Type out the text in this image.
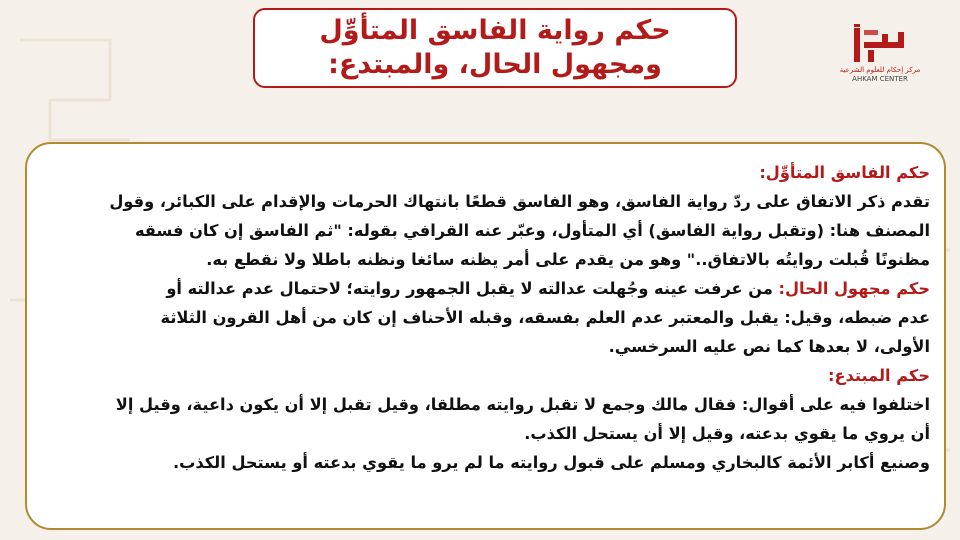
حكم رواية الفاسق المتأوِّل
ومجهول الحال، والمبتدع:	مركز إحكام للعلوم الشرعية
AHKAM CENTER

حكم الفاسق المتأوِّل:

تقدم ذكر الاتفاق على ردّ رواية الفاسق، وهو الفاسق قطعًا بانتهاك الحرمات والإقدام على الكبائر، وقول

المصنف هنا: (وتقبل رواية الفاسق) أي المتأول، وعبّر عنه القرافي بقوله: "ثم الفاسق إن كان فسقه

مظنونًا قُبلت روايتُه بالاتفاق.." وهو من يقدم على أمر يظنه سائغا ونظنه باطلا ولا نقطع به.

حكم مجهول الحال: من عرفت عينه وجُهلت عدالته لا يقبل الجمهور روايته؛ لاحتمال عدم عدالته أو

عدم ضبطه، وقيل: يقبل والمعتبر عدم العلم بفسقه، وقبله الأحناف إن كان من أهل القرون الثلاثة

الأولى، لا بعدها كما نص عليه السرخسي.

حكم المبتدع:

اختلفوا فيه على أقوال: فقال مالك وجمع لا تقبل روايته مطلقا، وقيل تقبل إلا أن يكون داعية، وقيل إلا

أن يروي ما يقوي بدعته، وقيل إلا أن يستحل الكذب.

وصنيع أكابر الأئمة كالبخاري ومسلم على قبول روايته ما لم يرو ما يقوي بدعته أو يستحل الكذب.
